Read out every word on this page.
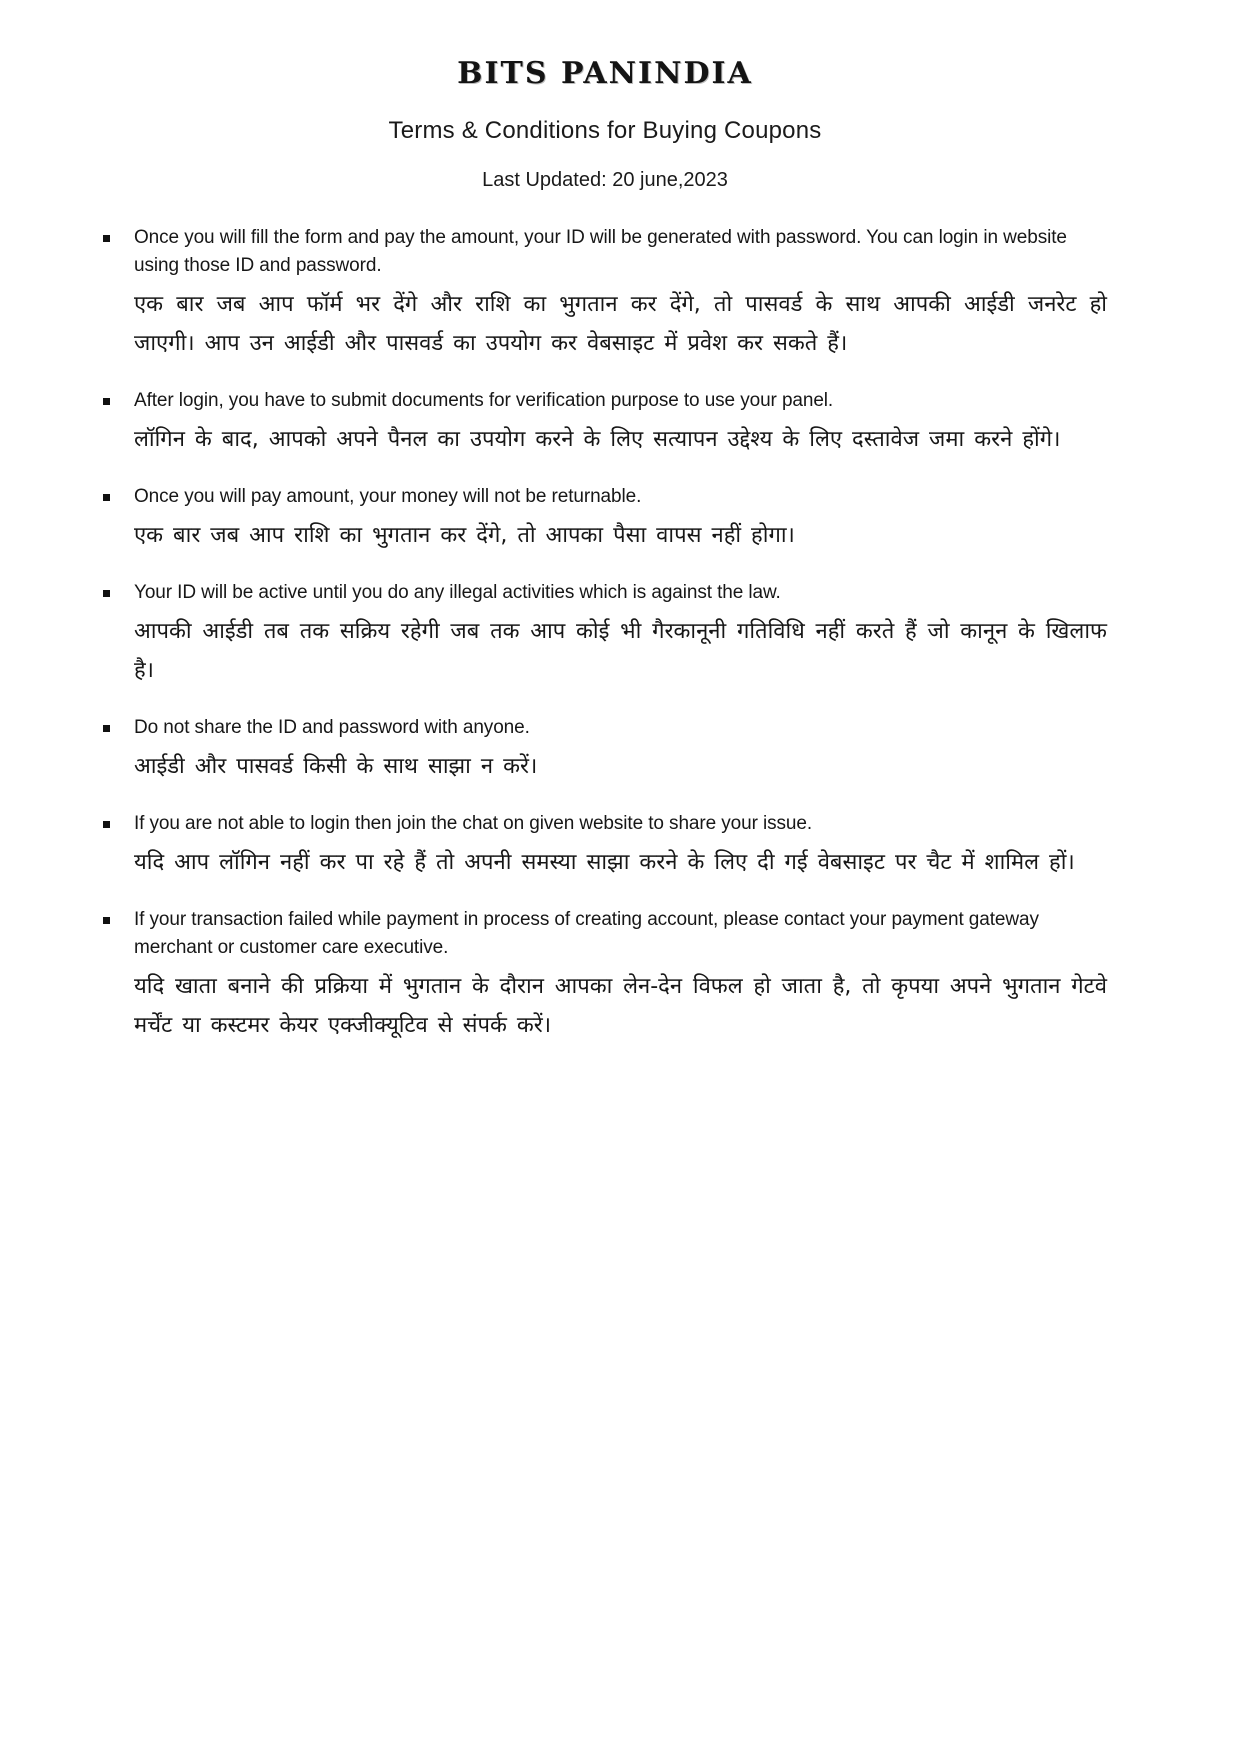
BITS PANINDIA
Terms & Conditions for Buying Coupons

Last Updated: 20 june,2023

Once you will fill the form and pay the amount, your ID will be generated with password. You can login in website using those ID and password.

एक बार जब आप फॉर्म भर देंगे और राशि का भुगतान कर देंगे, तो पासवर्ड के साथ आपकी आईडी जनरेट हो जाएगी। आप उन आईडी और पासवर्ड का उपयोग कर वेबसाइट में प्रवेश कर सकते हैं।

After login, you have to submit documents for verification purpose to use your panel.

लॉगिन के बाद, आपको अपने पैनल का उपयोग करने के लिए सत्यापन उद्देश्य के लिए दस्तावेज जमा करने होंगे।

Once you will pay amount, your money will not be returnable.

एक बार जब आप राशि का भुगतान कर देंगे, तो आपका पैसा वापस नहीं होगा।

Your ID will be active until you do any illegal activities which is against the law.

आपकी आईडी तब तक सक्रिय रहेगी जब तक आप कोई भी गैरकानूनी गतिविधि नहीं करते हैं जो कानून के खिलाफ है।

Do not share the ID and password with anyone.

आईडी और पासवर्ड किसी के साथ साझा न करें।

If you are not able to login then join the chat on given website to share your issue.

यदि आप लॉगिन नहीं कर पा रहे हैं तो अपनी समस्या साझा करने के लिए दी गई वेबसाइट पर चैट में शामिल हों।

If your transaction failed while payment in process of creating account, please contact your payment gateway merchant or customer care executive.

यदि खाता बनाने की प्रक्रिया में भुगतान के दौरान आपका लेन-देन विफल हो जाता है, तो कृपया अपने भुगतान गेटवे मर्चेंट या कस्टमर केयर एक्जीक्यूटिव से संपर्क करें।
